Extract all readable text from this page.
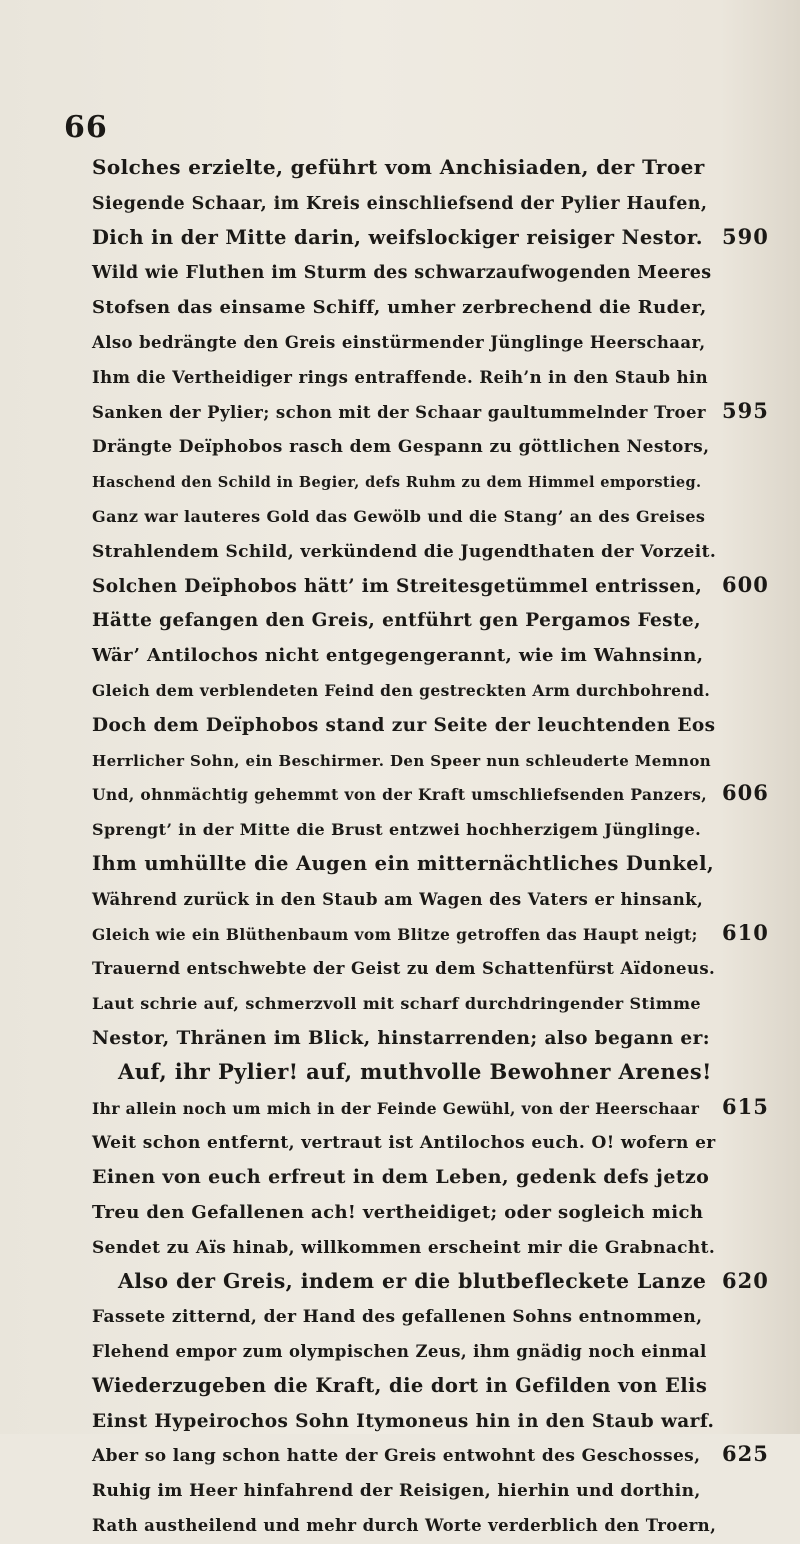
66
Solches erzielte, geführt vom Anchisiaden, der Troer
Siegende Schaar, im Kreis einschliefsend der Pylier Haufen,
Dich in der Mitte darin, weifslockiger reisiger Nestor. 590
Wild wie Fluthen im Sturm des schwarzaufwogenden Meeres
Stofsen das einsame Schiff, umher zerbrechend die Ruder,
Also bedrängte den Greis einstürmender Jünglinge Heerschaar,
Ihm die Vertheidiger rings entraffende. Reih’n in den Staub hin
Sanken der Pylier; schon mit der Schaar gaultummelnder Troer 595
Drängte Deïphobos rasch dem Gespann zu göttlichen Nestors,
Haschend den Schild in Begier, defs Ruhm zu dem Himmel emporstieg.
Ganz war lauteres Gold das Gewölb und die Stang’ an des Greises
Strahlendem Schild, verkündend die Jugendthaten der Vorzeit.
Solchen Deïphobos hätt’ im Streitesgetümmel entrissen, 600
Hätte gefangen den Greis, entführt gen Pergamos Feste,
Wär’ Antilochos nicht entgegengerannt, wie im Wahnsinn,
Gleich dem verblendeten Feind den gestreckten Arm durchbohrend.
Doch dem Deïphobos stand zur Seite der leuchtenden Eos
Herrlicher Sohn, ein Beschirmer. Den Speer nun schleuderte Memnon
Und, ohnmächtig gehemmt von der Kraft umschliefsenden Panzers, 606
Sprengt’ in der Mitte die Brust entzwei hochherzigem Jünglinge.
Ihm umhüllte die Augen ein mitternächtliches Dunkel,
Während zurück in den Staub am Wagen des Vaters er hinsank,
Gleich wie ein Blüthenbaum vom Blitze getroffen das Haupt neigt; 610
Trauernd entschwebte der Geist zu dem Schattenfürst Aïdoneus.
Laut schrie auf, schmerzvoll mit scharf durchdringender Stimme
Nestor, Thränen im Blick, hinstarrenden; also begann er:
Auf, ihr Pylier! auf, muthvolle Bewohner Arenes!
Ihr allein noch um mich in der Feinde Gewühl, von der Heerschaar 615
Weit schon entfernt, vertraut ist Antilochos euch. O! wofern er
Einen von euch erfreut in dem Leben, gedenk defs jetzo
Treu den Gefallenen ach! vertheidiget; oder sogleich mich
Sendet zu Aïs hinab, willkommen erscheint mir die Grabnacht.
Also der Greis, indem er die blutbefleckete Lanze 620
Fassete zitternd, der Hand des gefallenen Sohns entnommen,
Flehend empor zum olympischen Zeus, ihm gnädig noch einmal
Wiederzugeben die Kraft, die dort in Gefilden von Elis
Einst Hypeirochos Sohn Itymoneus hin in den Staub warf.
Aber so lang schon hatte der Greis entwohnt des Geschosses, 625
Ruhig im Heer hinfahrend der Reisigen, hierhin und dorthin,
Rath austheilend und mehr durch Worte verderblich den Troern,
